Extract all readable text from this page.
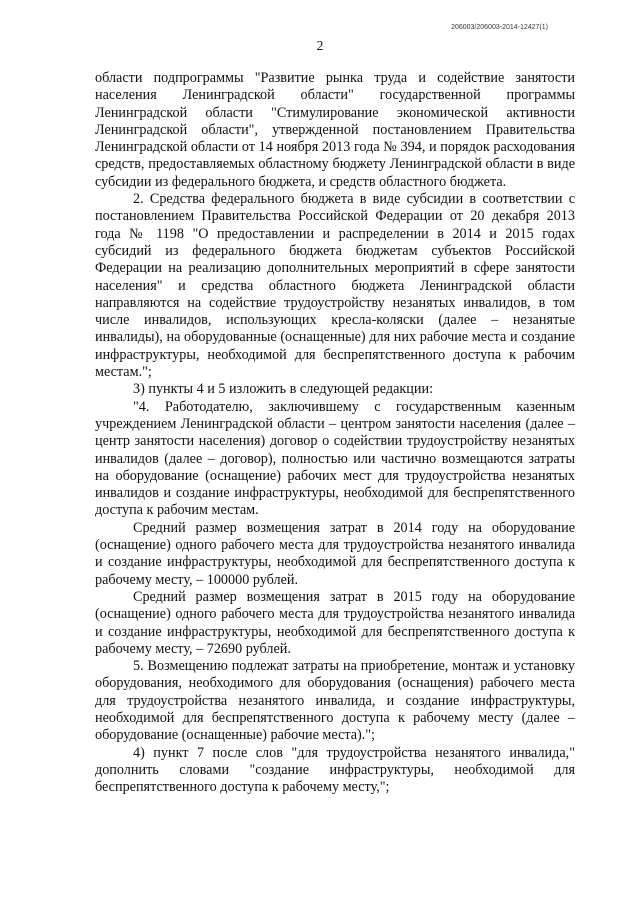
206003/206003-2014-12427(1)
2

области подпрограммы "Развитие рынка труда и содействие занятости населения Ленинградской области" государственной программы Ленинградской области "Стимулирование экономической активности Ленинградской области", утвержденной постановлением Правительства Ленинградской области от 14 ноября 2013 года № 394, и порядок расходования средств, предоставляемых областному бюджету Ленинградской области в виде субсидии из федерального бюджета, и средств областного бюджета.

2. Средства федерального бюджета в виде субсидии в соответствии с постановлением Правительства Российской Федерации от 20 декабря 2013 года № 1198 "О предоставлении и распределении в 2014 и 2015 годах субсидий из федерального бюджета бюджетам субъектов Российской Федерации на реализацию дополнительных мероприятий в сфере занятости населения" и средства областного бюджета Ленинградской области направляются на содействие трудоустройству незанятых инвалидов, в том числе инвалидов, использующих кресла-коляски (далее – незанятые инвалиды), на оборудованные (оснащенные) для них рабочие места и создание инфраструктуры, необходимой для беспрепятственного доступа к рабочим местам.";

3) пункты 4 и 5 изложить в следующей редакции:

"4. Работодателю, заключившему с государственным казенным учреждением Ленинградской области – центром занятости населения (далее – центр занятости населения) договор о содействии трудоустройству незанятых инвалидов (далее – договор), полностью или частично возмещаются затраты на оборудование (оснащение) рабочих мест для трудоустройства незанятых инвалидов и создание инфраструктуры, необходимой для беспрепятственного доступа к рабочим местам.

Средний размер возмещения затрат в 2014 году на оборудование (оснащение) одного рабочего места для трудоустройства незанятого инвалида и создание инфраструктуры, необходимой для беспрепятственного доступа к рабочему месту, – 100000 рублей.

Средний размер возмещения затрат в 2015 году на оборудование (оснащение) одного рабочего места для трудоустройства незанятого инвалида и создание инфраструктуры, необходимой для беспрепятственного доступа к рабочему месту, – 72690 рублей.

5. Возмещению подлежат затраты на приобретение, монтаж и установку оборудования, необходимого для оборудования (оснащения) рабочего места для трудоустройства незанятого инвалида, и создание инфраструктуры, необходимой для беспрепятственного доступа к рабочему месту (далее – оборудование (оснащенные) рабочие места).";

4) пункт 7 после слов "для трудоустройства незанятого инвалида," дополнить словами "создание инфраструктуры, необходимой для беспрепятственного доступа к рабочему месту,";
